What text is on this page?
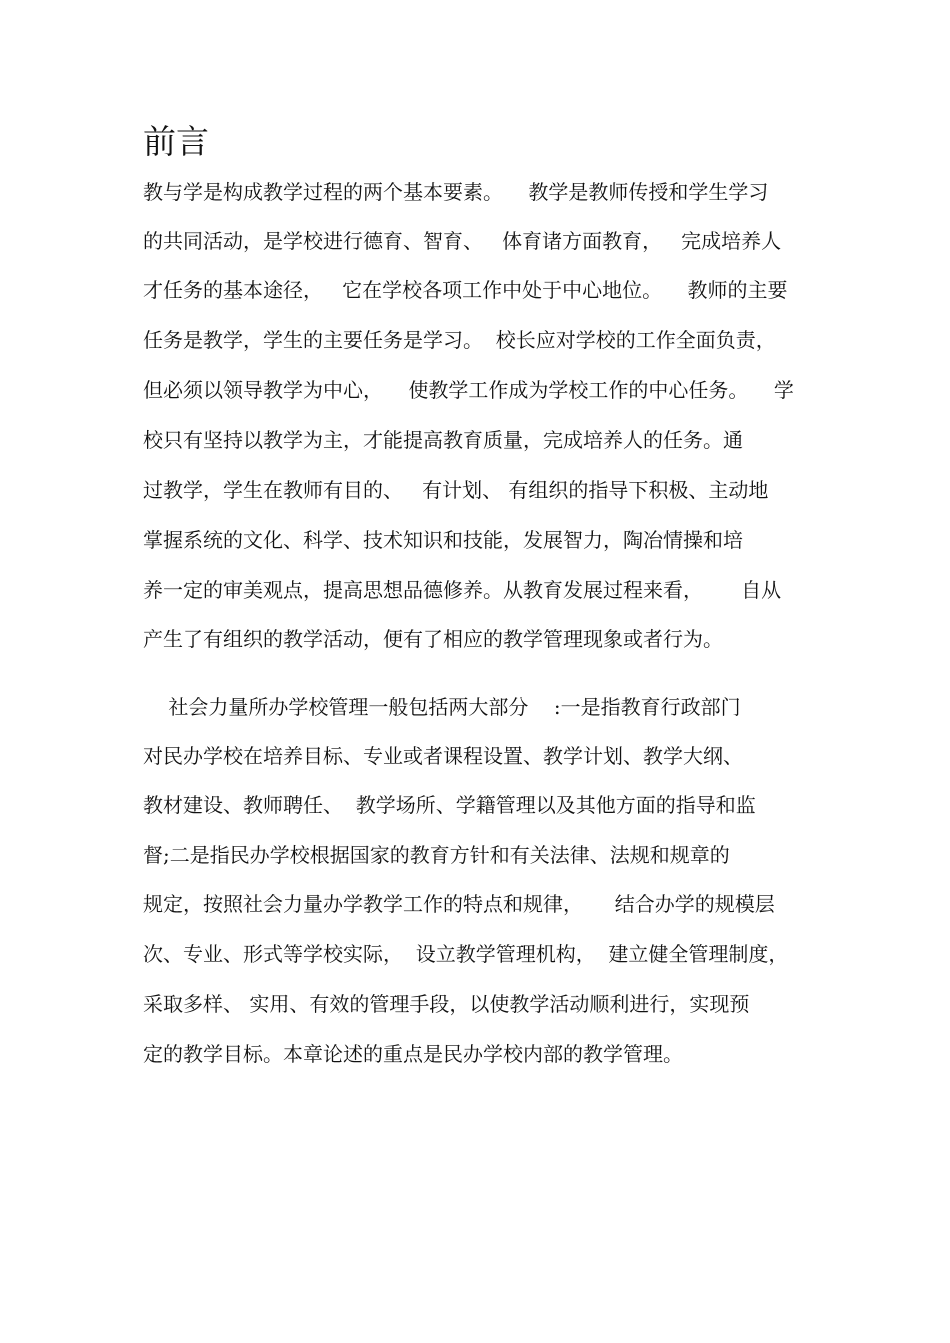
前言

教与学是构成教学过程的两个基本要素。    教学是教师传授和学生学习

的共同活动，是学校进行德育、智育、   体育诸方面教育，   完成培养人

才任务的基本途径，   它在学校各项工作中处于中心地位。    教师的主要

任务是教学，学生的主要任务是学习。  校长应对学校的工作全面负责，

但必须以领导教学为中心，    使教学工作成为学校工作的中心任务。    学

校只有坚持以教学为主，才能提高教育质量，完成培养人的任务。通

过教学，学生在教师有目的、   有计划、 有组织的指导下积极、主动地

掌握系统的文化、科学、技术知识和技能，发展智力，陶冶情操和培

养一定的审美观点，提高思想品德修养。从教育发展过程来看，      自从

产生了有组织的教学活动，便有了相应的教学管理现象或者行为。

社会力量所办学校管理一般包括两大部分    :一是指教育行政部门

对民办学校在培养目标、专业或者课程设置、教学计划、教学大纲、

教材建设、教师聘任、  教学场所、学籍管理以及其他方面的指导和监

督;二是指民办学校根据国家的教育方针和有关法律、法规和规章的

规定，按照社会力量办学教学工作的特点和规律，     结合办学的规模层

次、专业、形式等学校实际，  设立教学管理机构，  建立健全管理制度，

采取多样、 实用、有效的管理手段，以使教学活动顺利进行，实现预

定的教学目标。本章论述的重点是民办学校内部的教学管理。
